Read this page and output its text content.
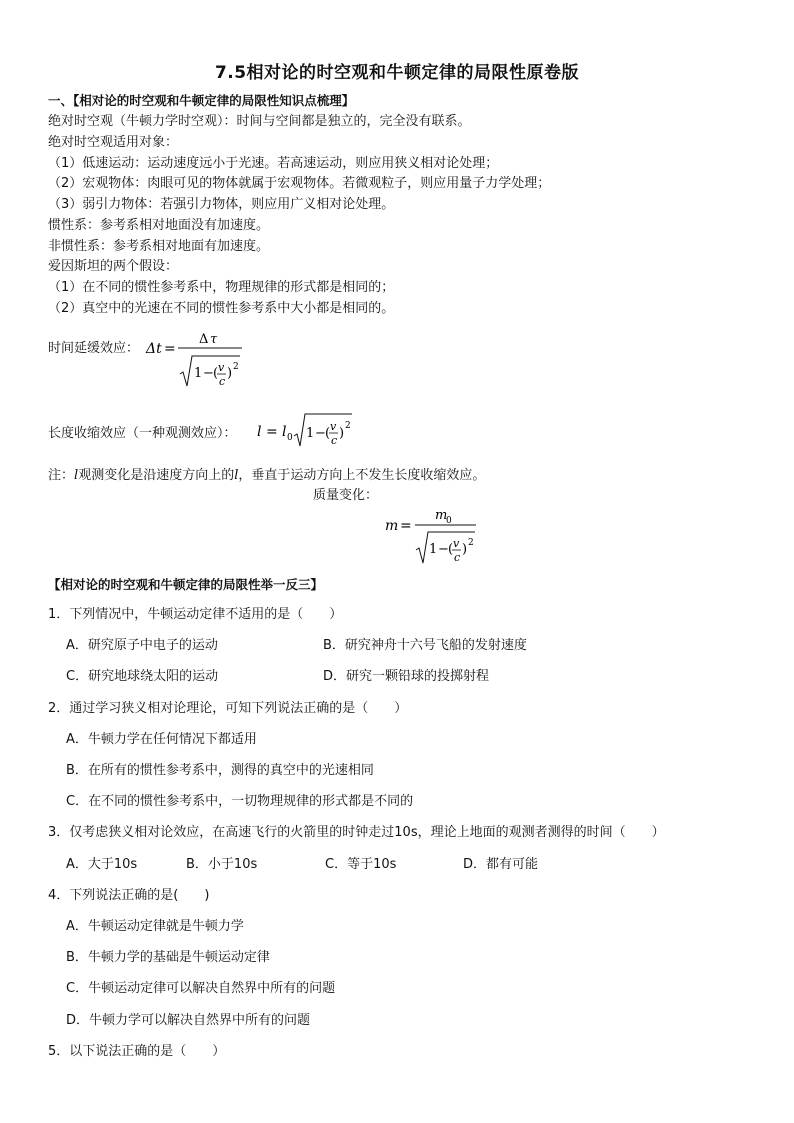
7.5相对论的时空观和牛顿定律的局限性原卷版
一、【相对论的时空观和牛顿定律的局限性知识点梳理】
绝对时空观（牛顿力学时空观）：时间与空间都是独立的，完全没有联系。
绝对时空观适用对象：
（1）低速运动：运动速度远小于光速。若高速运动，则应用狭义相对论处理；
（2）宏观物体：肉眼可见的物体就属于宏观物体。若微观粒子，则应用量子力学处理；
（3）弱引力物体：若强引力物体，则应用广义相对论处理。
惯性系：参考系相对地面没有加速度。
非惯性系：参考系相对地面有加速度。
爱因斯坦的两个假设：
（1）在不同的惯性参考系中，物理规律的形式都是相同的；
（2）真空中的光速在不同的惯性参考系中大小都是相同的。
时间延缓效应： Δt =
Δ τ
1 − ( v
c
) 2
长度收缩效应（一种观测效应）： l = l 0 1 − ( v
c ) 2
注：l观测变化是沿速度方向上的l，垂直于运动方向上不发生长度收缩效应。
质量变化：
m =
m
0
1 − ( v
c
) 2
【相对论的时空观和牛顿定律的局限性举一反三】
1．下列情况中，牛顿运动定律不适用的是（　　）
A．研究原子中电子的运动	B．研究神舟十六号飞船的发射速度
C．研究地球绕太阳的运动	D．研究一颗铅球的投掷射程
2．通过学习狭义相对论理论，可知下列说法正确的是（　　）
A．牛顿力学在任何情况下都适用
B．在所有的惯性参考系中，测得的真空中的光速相同
C．在不同的惯性参考系中，一切物理规律的形式都是不同的
3．仅考虑狭义相对论效应，在高速飞行的火箭里的时钟走过10s，理论上地面的观测者测得的时间（　　）
A．大于10s	B．小于10s	C．等于10s	D．都有可能
4．下列说法正确的是(　　)
A．牛顿运动定律就是牛顿力学
B．牛顿力学的基础是牛顿运动定律
C．牛顿运动定律可以解决自然界中所有的问题
D．牛顿力学可以解决自然界中所有的问题
5．以下说法正确的是（　　）
